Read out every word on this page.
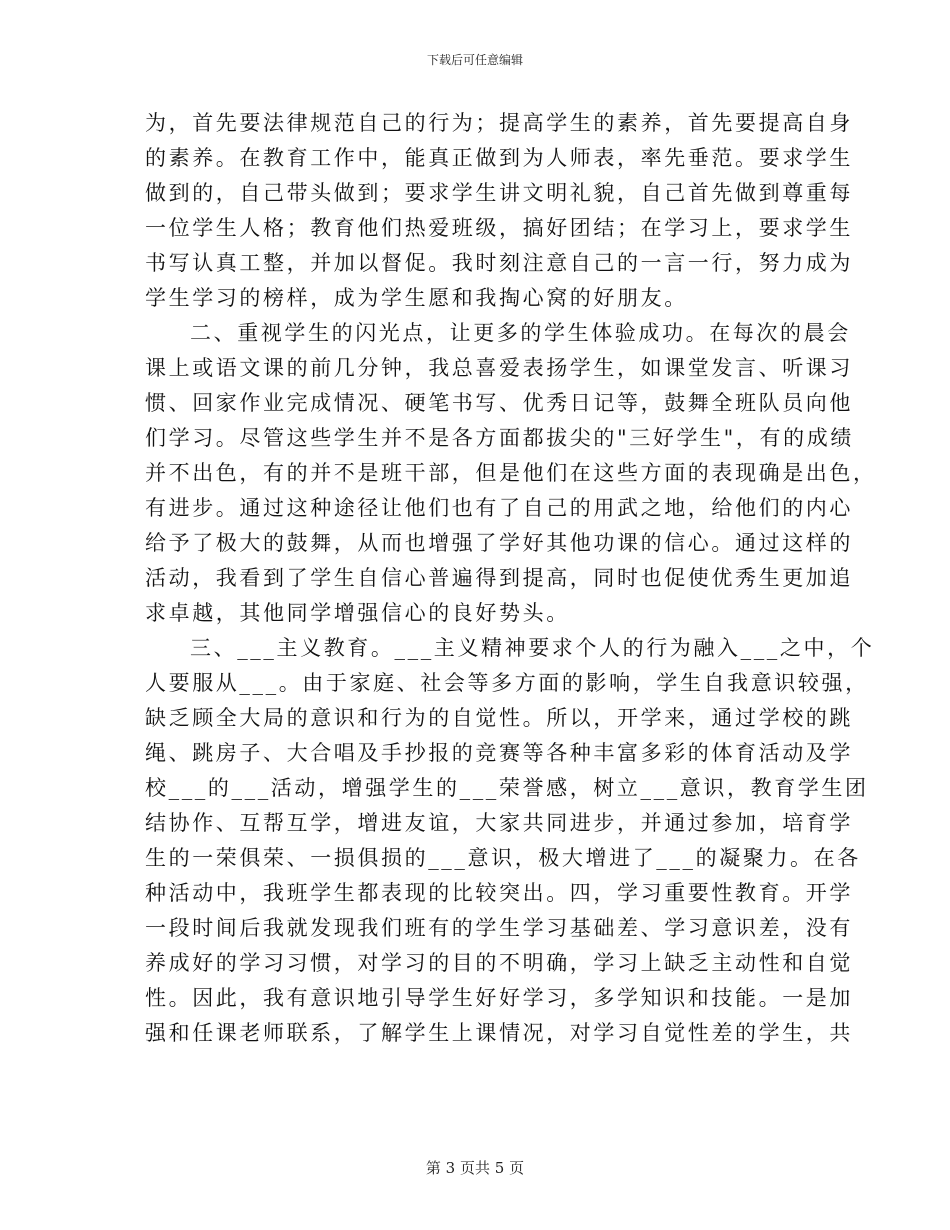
下载后可任意编辑
为，首先要法律规范自己的行为；提高学生的素养，首先要提高自身
的素养。在教育工作中，能真正做到为人师表，率先垂范。要求学生
做到的，自己带头做到；要求学生讲文明礼貌，自己首先做到尊重每
一位学生人格；教育他们热爱班级，搞好团结；在学习上，要求学生
书写认真工整，并加以督促。我时刻注意自己的一言一行，努力成为
学生学习的榜样，成为学生愿和我掏心窝的好朋友。
二、重视学生的闪光点，让更多的学生体验成功。在每次的晨会
课上或语文课的前几分钟，我总喜爱表扬学生，如课堂发言、听课习
惯、回家作业完成情况、硬笔书写、优秀日记等，鼓舞全班队员向他
们学习。尽管这些学生并不是各方面都拔尖的"三好学生"，有的成绩
并不出色，有的并不是班干部，但是他们在这些方面的表现确是出色，
有进步。通过这种途径让他们也有了自己的用武之地，给他们的内心
给予了极大的鼓舞，从而也增强了学好其他功课的信心。通过这样的
活动，我看到了学生自信心普遍得到提高，同时也促使优秀生更加追
求卓越，其他同学增强信心的良好势头。
三、___主义教育。___主义精神要求个人的行为融入___之中，个
人要服从___。由于家庭、社会等多方面的影响，学生自我意识较强，
缺乏顾全大局的意识和行为的自觉性。所以，开学来，通过学校的跳
绳、跳房子、大合唱及手抄报的竞赛等各种丰富多彩的体育活动及学
校___的___活动，增强学生的___荣誉感，树立___意识，教育学生团
结协作、互帮互学，增进友谊，大家共同进步，并通过参加，培育学
生的一荣俱荣、一损俱损的___意识，极大增进了___的凝聚力。在各
种活动中，我班学生都表现的比较突出。四，学习重要性教育。开学
一段时间后我就发现我们班有的学生学习基础差、学习意识差，没有
养成好的学习习惯，对学习的目的不明确，学习上缺乏主动性和自觉
性。因此，我有意识地引导学生好好学习，多学知识和技能。一是加
强和任课老师联系，了解学生上课情况，对学习自觉性差的学生，共
第 3 页共 5 页
